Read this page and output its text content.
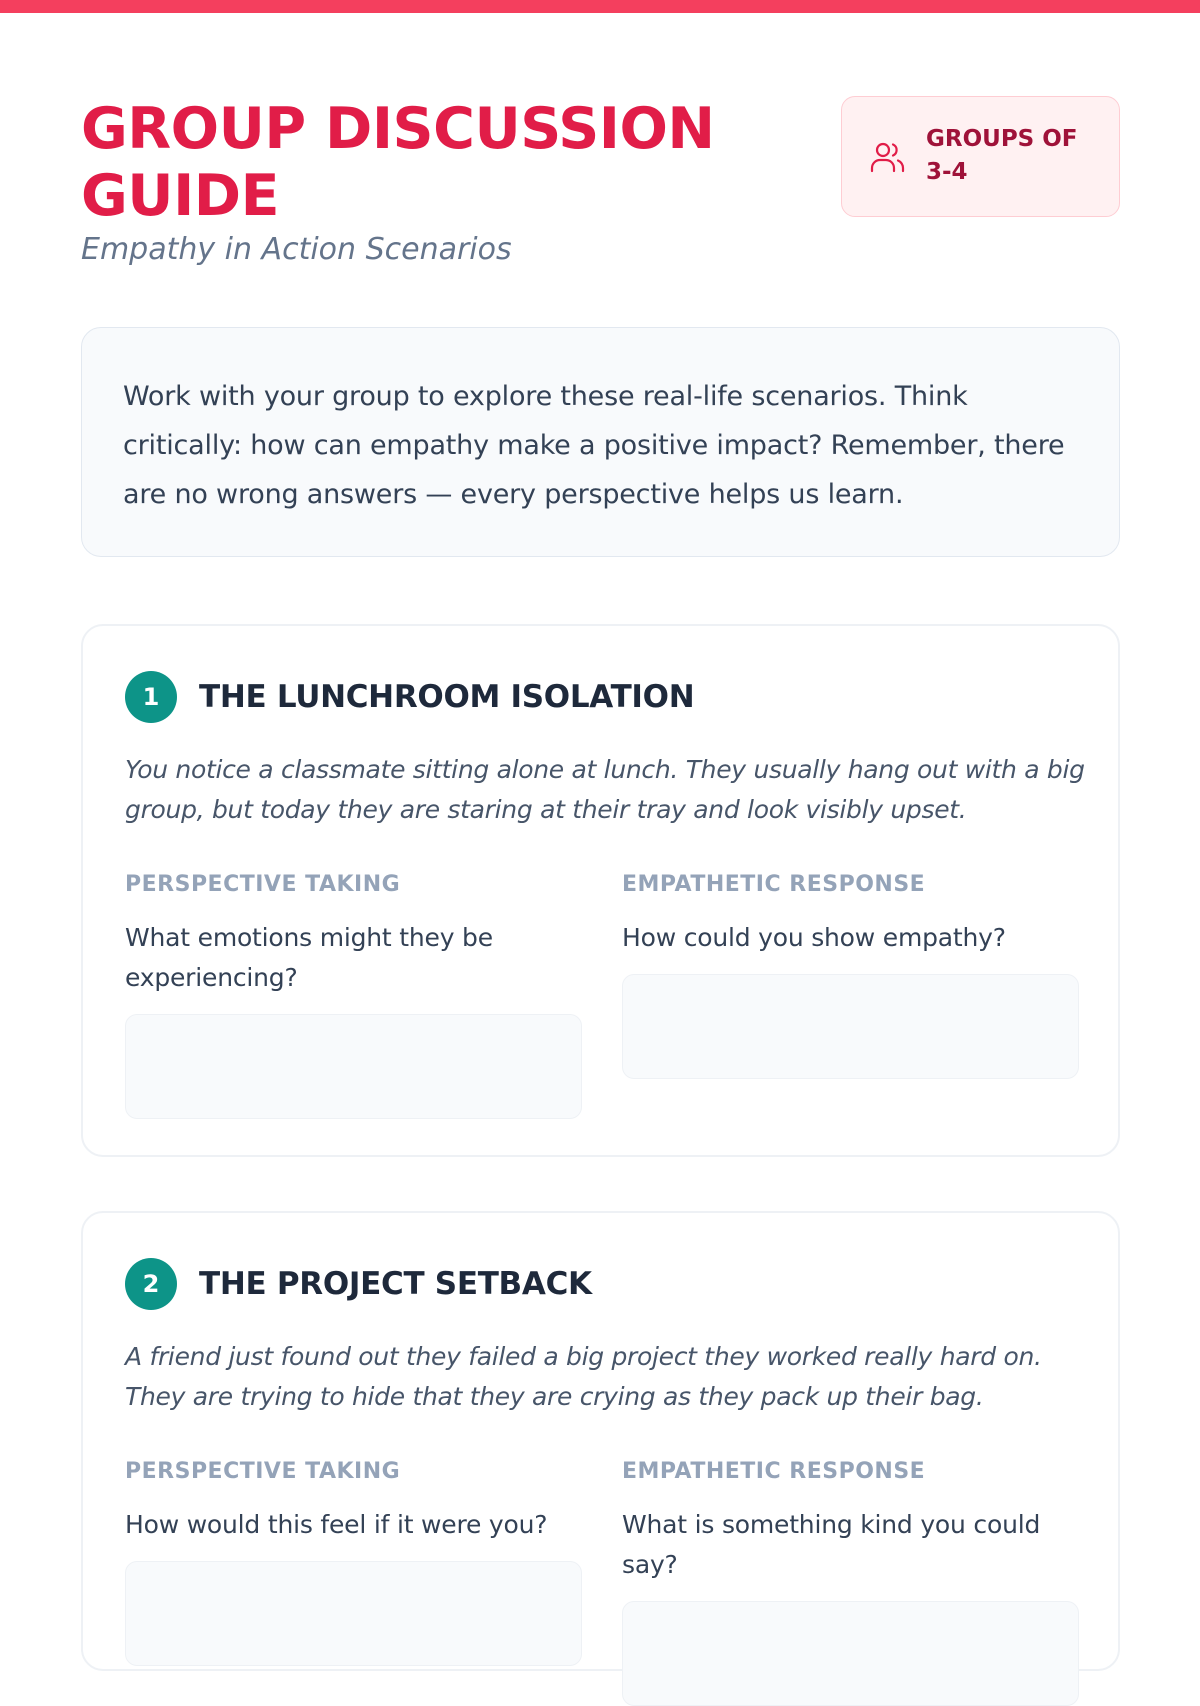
GROUP DISCUSSION GUIDE
Empathy in Action Scenarios
GROUPS OF 3-4

Work with your group to explore these real-life scenarios. Think critically: how can empathy make a positive impact? Remember, there are no wrong answers — every perspective helps us learn.

1	THE LUNCHROOM ISOLATION

You notice a classmate sitting alone at lunch. They usually hang out with a big group, but today they are staring at their tray and look visibly upset.

PERSPECTIVE TAKING
What emotions might they be experiencing?
EMPATHETIC RESPONSE
How could you show empathy?
2	THE PROJECT SETBACK

A friend just found out they failed a big project they worked really hard on. They are trying to hide that they are crying as they pack up their bag.

PERSPECTIVE TAKING
How would this feel if it were you?
EMPATHETIC RESPONSE
What is something kind you could say?
